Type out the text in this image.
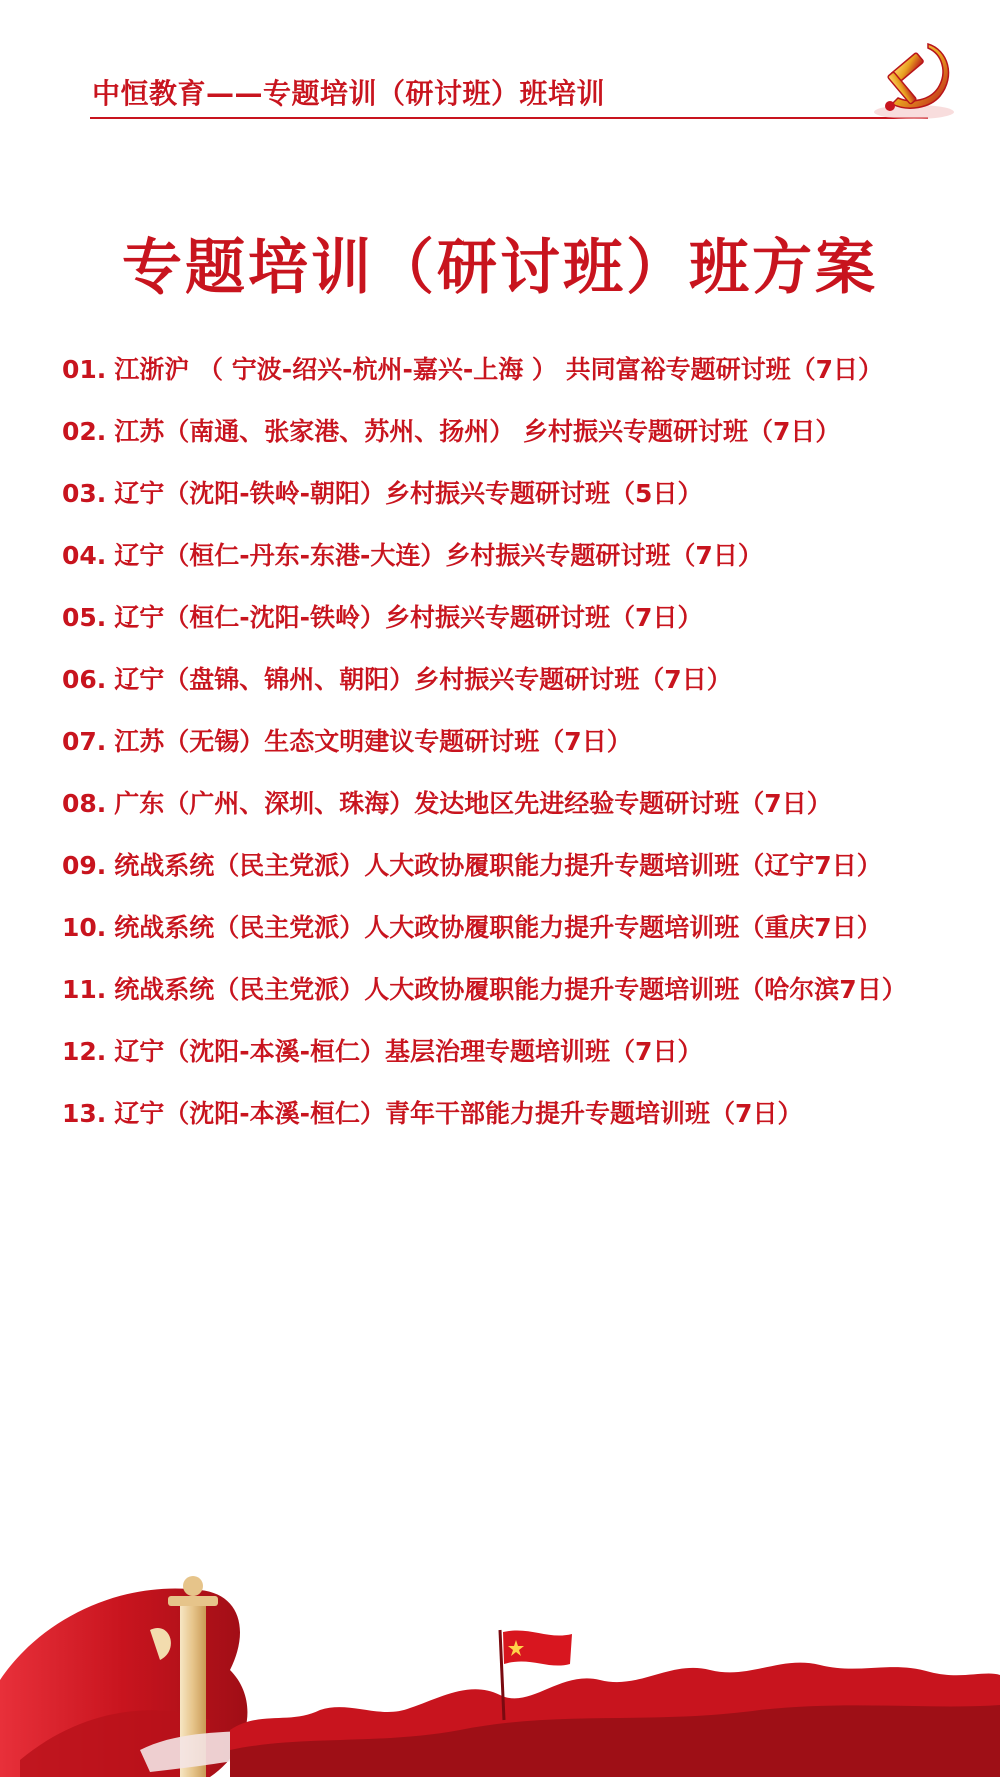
中恒教育——专题培训（研讨班）班培训
专题培训（研讨班）班方案
01. 江浙沪 （ 宁波-绍兴-杭州-嘉兴-上海 ） 共同富裕专题研讨班（7日）
02. 江苏（南通、张家港、苏州、扬州） 乡村振兴专题研讨班（7日）
03. 辽宁（沈阳-铁岭-朝阳）乡村振兴专题研讨班（5日）
04. 辽宁（桓仁-丹东-东港-大连）乡村振兴专题研讨班（7日）
05. 辽宁（桓仁-沈阳-铁岭）乡村振兴专题研讨班（7日）
06. 辽宁（盘锦、锦州、朝阳）乡村振兴专题研讨班（7日）
07. 江苏（无锡）生态文明建议专题研讨班（7日）
08. 广东（广州、深圳、珠海）发达地区先进经验专题研讨班（7日）
09. 统战系统（民主党派）人大政协履职能力提升专题培训班（辽宁7日）
10. 统战系统（民主党派）人大政协履职能力提升专题培训班（重庆7日）
11. 统战系统（民主党派）人大政协履职能力提升专题培训班（哈尔滨7日）
12. 辽宁（沈阳-本溪-桓仁）基层治理专题培训班（7日）
13. 辽宁（沈阳-本溪-桓仁）青年干部能力提升专题培训班（7日）
